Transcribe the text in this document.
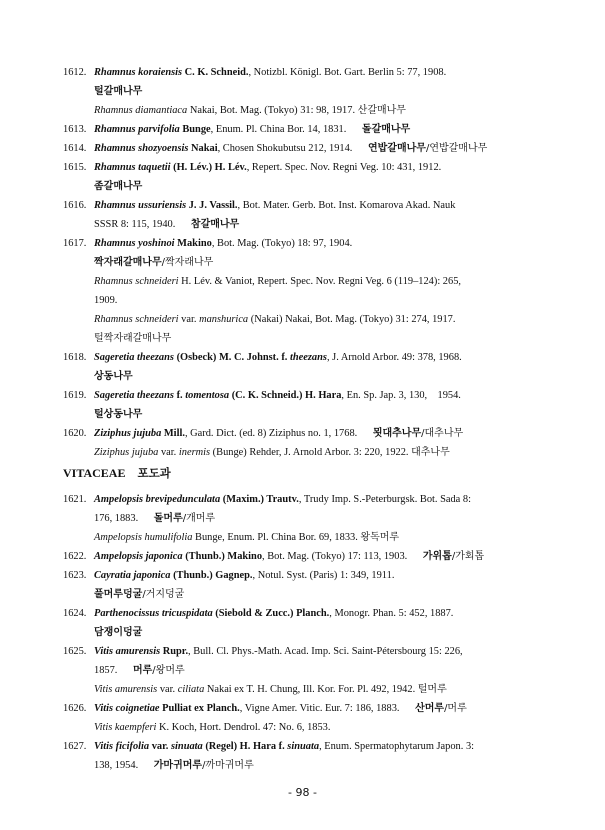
1612. Rhamnus koraiensis C. K. Schneid., Notizbl. Königl. Bot. Gart. Berlin 5: 77, 1908.
털갈매나무
Rhamnus diamantiaca Nakai, Bot. Mag. (Tokyo) 31: 98, 1917. 산갈매나무
1613. Rhamnus parvifolia Bunge, Enum. Pl. China Bor. 14, 1831.      돌갈매나무
1614. Rhamnus shozyoensis Nakai, Chosen Shokubutsu 212, 1914.      연밥갈매나무/연밥갈매나무
1615. Rhamnus taquetii (H. Lév.) H. Lév., Repert. Spec. Nov. Regni Veg. 10: 431, 1912.
좀갈매나무
1616. Rhamnus ussuriensis J. J. Vassil., Bot. Mater. Gerb. Bot. Inst. Komarova Akad. Nauk
SSSR 8: 115, 1940.      참갈매나무
1617. Rhamnus yoshinoi Makino, Bot. Mag. (Tokyo) 18: 97, 1904.
짝자래갈매나무/짝자래나무
Rhamnus schneideri H. Lév. & Vaniot, Repert. Spec. Nov. Regni Veg. 6 (119–124): 265,
1909.
Rhamnus schneideri var. manshurica (Nakai) Nakai, Bot. Mag. (Tokyo) 31: 274, 1917.
털짝자래갈매나무
1618. Sageretia theezans (Osbeck) M. C. Johnst. f. theezans, J. Arnold Arbor. 49: 378, 1968.
상동나무
1619. Sageretia theezans f. tomentosa (C. K. Schneid.) H. Hara, En. Sp. Jap. 3, 130,    1954.
털상동나무
1620. Ziziphus jujuba Mill., Gard. Dict. (ed. 8) Ziziphus no. 1, 1768.      묏대추나무/대추나무
Ziziphus jujuba var. inermis (Bunge) Rehder, J. Arnold Arbor. 3: 220, 1922. 대추나무
VITACEAE 포도과
1621. Ampelopsis brevipedunculata (Maxim.) Trautv., Trudy Imp. S.-Peterburgsk. Bot. Sada 8:
176, 1883.      돌머루/개머루
Ampelopsis humulifolia Bunge, Enum. Pl. China Bor. 69, 1833. 왕독머루
1622. Ampelopsis japonica (Thunb.) Makino, Bot. Mag. (Tokyo) 17: 113, 1903.      가위톱/가회톱
1623. Cayratia japonica (Thunb.) Gagnep., Notul. Syst. (Paris) 1: 349, 1911.
풀머루덩굴/거지덩굴
1624. Parthenocissus tricuspidata (Siebold & Zucc.) Planch., Monogr. Phan. 5: 452, 1887.
담쟁이덩굴
1625. Vitis amurensis Rupr., Bull. Cl. Phys.-Math. Acad. Imp. Sci. Saint-Pétersbourg 15: 226,
1857.      머루/왕머루
Vitis amurensis var. ciliata Nakai ex T. H. Chung, Ill. Kor. For. Pl. 492, 1942. 털머루
1626. Vitis coignetiae Pulliat ex Planch., Vigne Amer. Vitic. Eur. 7: 186, 1883.      산머루/머루
Vitis kaempferi K. Koch, Hort. Dendrol. 47: No. 6, 1853.
1627. Vitis ficifolia var. sinuata (Regel) H. Hara f. sinuata, Enum. Spermatophytarum Japon. 3:
138, 1954.      가마귀머루/까마귀머루
- 98 -
